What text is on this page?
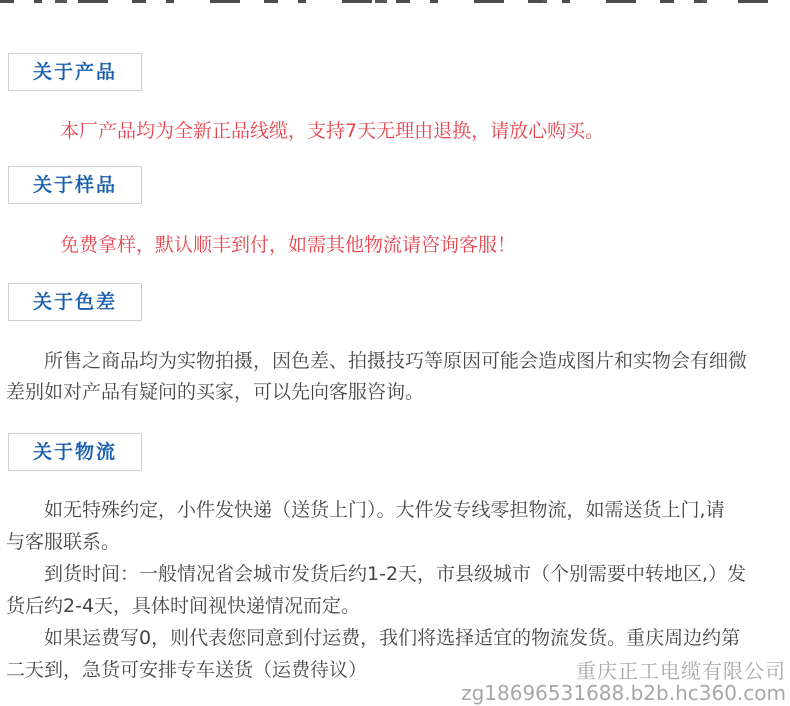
关于产品

本厂产品均为全新正品线缆，支持7天无理由退换，请放心购买。

关于样品

免费拿样，默认顺丰到付，如需其他物流请咨询客服！

关于色差
所售之商品均为实物拍摄，因色差、拍摄技巧等原因可能会造成图片和实物会有细微
差别如对产品有疑问的买家，可以先向客服咨询。
关于物流
如无特殊约定，小件发快递（送货上门）。大件发专线零担物流，如需送货上门,请
与客服联系。
到货时间：一般情况省会城市发货后约1-2天，市县级城市（个别需要中转地区,）发
货后约2-4天，具体时间视快递情况而定。
如果运费写0，则代表您同意到付运费，我们将选择适宜的物流发货。重庆周边约第
二天到，急货可安排专车送货（运费待议）	重庆正工电缆有限公司
zg18696531688.b2b.hc360.com
